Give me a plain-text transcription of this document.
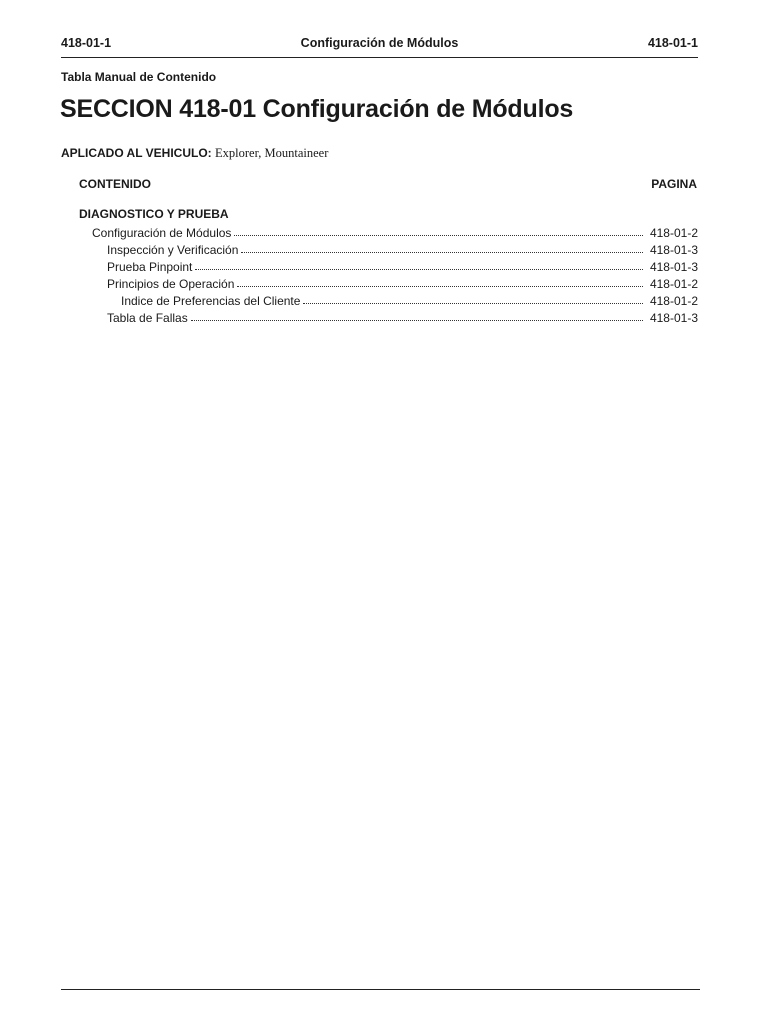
418-01-1	Configuración de Módulos	418-01-1
Tabla Manual de Contenido
SECCION 418-01 Configuración de Módulos
APLICADO AL VEHICULO: Explorer, Mountaineer
CONTENIDO	PAGINA
DIAGNOSTICO Y PRUEBA
Configuración de Módulos	418-01-2
Inspección y Verificación	418-01-3
Prueba Pinpoint	418-01-3
Principios de Operación	418-01-2
Indice de Preferencias del Cliente	418-01-2
Tabla de Fallas	418-01-3
